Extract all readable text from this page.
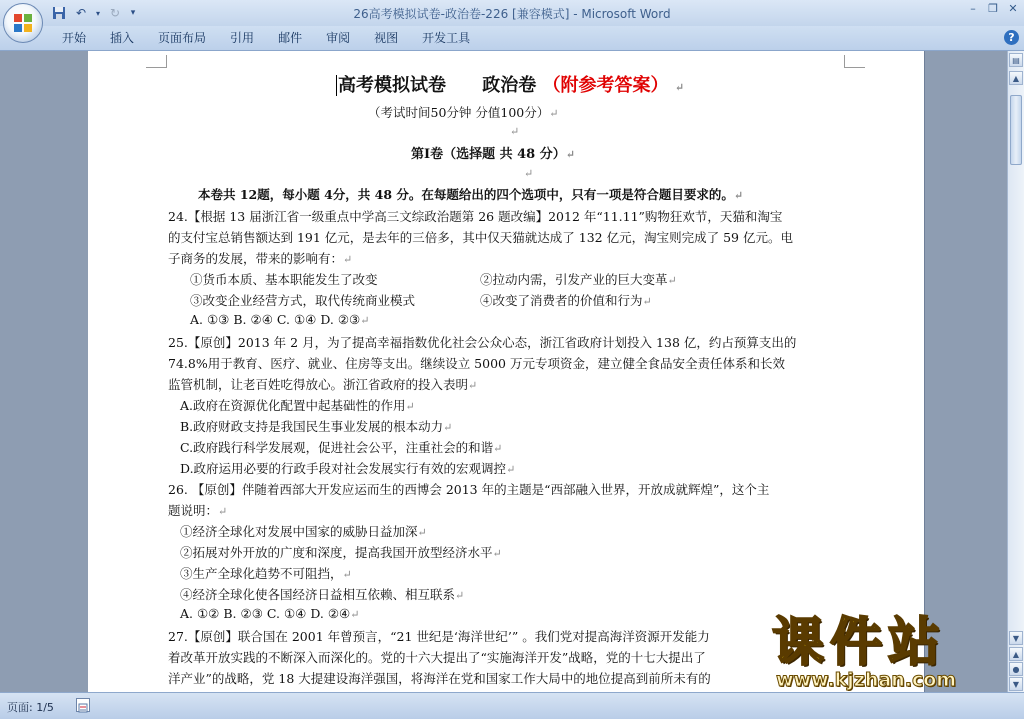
↶	▾ ↻	▾	26高考模拟试卷-政治卷-226 [兼容模式] - Microsoft Word	–	❐ ✕
开始	插入	页面布局	引用	邮件	审阅	视图	开发工具	?
高考模拟试卷 政治卷 （附参考答案） ↵
（考试时间50分钟 分值100分）↵
↵
第Ⅰ卷（选择题 共 48 分）↵
↵
本卷共 12题，每小题 4分，共 48 分。在每题给出的四个选项中，只有一项是符合题目要求的。↵
24.【根据 13 届浙江省一级重点中学高三文综政治题第 26 题改编】2012 年“11.11”购物狂欢节，天猫和淘宝
的支付宝总销售额达到 191 亿元，是去年的三倍多，其中仅天猫就达成了 132 亿元，淘宝则完成了 59 亿元。电
子商务的发展，带来的影响有：↵
①货币本质、基本职能发生了改变	②拉动内需，引发产业的巨大变革↵
③改变企业经营方式，取代传统商业模式	④改变了消费者的价值和行为↵
A. ①③ B. ②④ C. ①④ D. ②③↵
25.【原创】2013 年 2 月，为了提高幸福指数优化社会公众心态，浙江省政府计划投入 138 亿，约占预算支出的
74.8%用于教育、医疗、就业、住房等支出。继续设立 5000 万元专项资金，建立健全食品安全责任体系和长效
监管机制，让老百姓吃得放心。浙江省政府的投入表明↵
A.政府在资源优化配置中起基础性的作用↵
B.政府财政支持是我国民生事业发展的根本动力↵
C.政府践行科学发展观，促进社会公平，注重社会的和谐↵
D.政府运用必要的行政手段对社会发展实行有效的宏观调控↵
26. 【原创】伴随着西部大开发应运而生的西博会 2013 年的主题是“西部融入世界，开放成就辉煌”，这个主
题说明：↵
①经济全球化对发展中国家的威胁日益加深↵
②拓展对外开放的广度和深度，提高我国开放型经济水平↵
③生产全球化趋势不可阻挡，↵
④经济全球化使各国经济日益相互依赖、相互联系↵
A. ①② B. ②③ C. ①④ D. ②④↵
27.【原创】联合国在 2001 年曾预言，“21 世纪是‘海洋世纪’” 。我们党对提高海洋资源开发能力
着改革开放实践的不断深入而深化的。党的十六大提出了“实施海洋开发”战略，党的十七大提出了
洋产业”的战略，党 18 大提建设海洋强国，将海洋在党和国家工作大局中的地位提高到前所未有的
▤
▲
▼
▲
●
▼
页面: 1/5
课件站
www.kjzhan.com
